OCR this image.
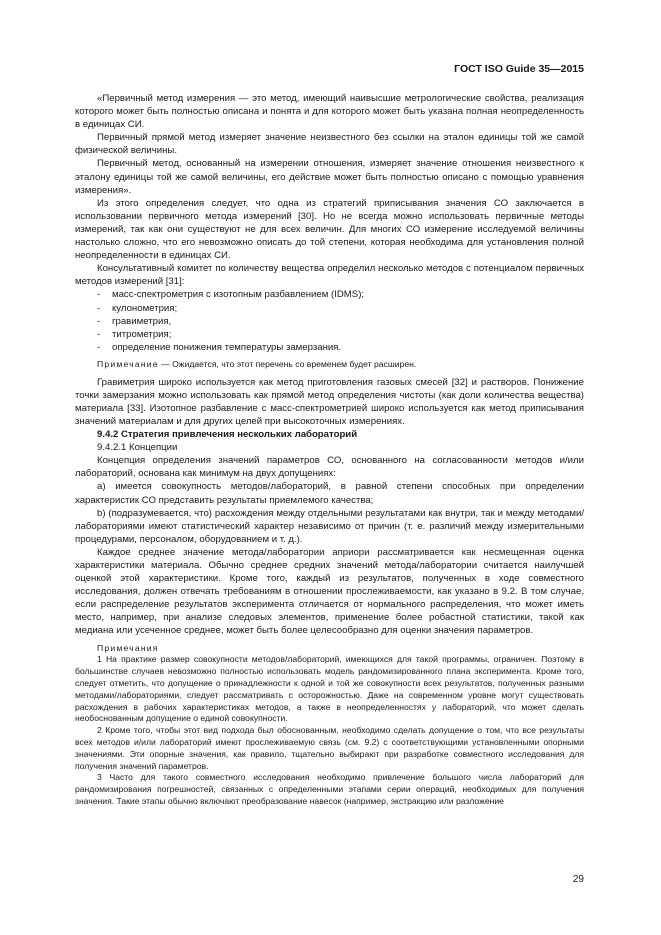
ГОСТ ISO Guide 35—2015

«Первичный метод измерения — это метод, имеющий наивысшие метрологические свойства, реализация которого может быть полностью описана и понята и для которого может быть указана полная неопределенность в единицах СИ.

Первичный прямой метод измеряет значение неизвестного без ссылки на эталон единицы той же самой физической величины.

Первичный метод, основанный на измерении отношения, измеряет значение отношения неизвестного к эталону единицы той же самой величины, его действие может быть полностью описано с помощью уравнения измерения».

Из этого определения следует, что одна из стратегий приписывания значения СО заключается в использовании первичного метода измерений [30]. Но не всегда можно использовать первичные методы измерений, так как они существуют не для всех величин. Для многих СО измерение исследуемой величины настолько сложно, что его невозможно описать до той степени, которая необходима для установления полной неопределенности в единицах СИ.

Консультативный комитет по количеству вещества определил несколько методов с потенциалом первичных методов измерений [31]:

-	масс-спектрометрия с изотопным разбавлением (IDMS);
-	кулонометрия;
-	гравиметрия,
-	титрометрия;
-	определение понижения температуры замерзания.

Примечание — Ожидается, что этот перечень со временем будет расширен.

Гравиметрия широко используется как метод приготовления газовых смесей [32] и растворов. Понижение точки замерзания можно использовать как прямой метод определения чистоты (как доли количества вещества) материала [33]. Изотопное разбавление с масс-спектрометрией широко используется как метод приписывания значений материалам и для других целей при высокоточных измерениях.

9.4.2 Стратегия привлечения нескольких лабораторий

9.4.2.1 Концепции

Концепция определения значений параметров СО, основанного на согласованности методов и/или лабораторий, основана как минимум на двух допущениях:

а) имеется совокупность методов/лабораторий, в равной степени способных при определении характеристик СО представить результаты приемлемого качества;

b) (подразумевается, что) расхождения между отдельными результатами как внутри, так и между методами/лабораториями имеют статистический характер независимо от причин (т. е. различий между измерительными процедурами, персоналом, оборудованием и т. д.).

Каждое среднее значение метода/лаборатории априори рассматривается как несмещенная оценка характеристики материала. Обычно среднее средних значений метода/лаборатории считается наилучшей оценкой этой характеристики. Кроме того, каждый из результатов, полученных в ходе совместного исследования, должен отвечать требованиям в отношении прослеживаемости, как указано в 9.2. В том случае, если распределение результатов эксперимента отличается от нормального распределения, что может иметь место, например, при анализе следовых элементов, применение более робастной статистики, такой как медиана или усеченное среднее, может быть более целесообразно для оценки значения параметров.

Примечания

1 На практике размер совокупности методов/лабораторий, имеющихся для такой программы, ограничен. Поэтому в большинстве случаев невозможно полностью использовать модель рандомизированного плана эксперимента. Кроме того, следует отметить, что допущение о принадлежности к одной и той же совокупности всех результатов, полученных разными методами/лабораториями, следует рассматривать с осторожностью. Даже на современном уровне могут существовать расхождения в рабочих характеристиках методов, а также в неопределенностях у лабораторий, что может сделать необоснованным допущение о единой совокупности.

2 Кроме того, чтобы этот вид подхода был обоснованным, необходимо сделать допущение о том, что все результаты всех методов и/или лабораторий имеют прослеживаемую связь (см. 9.2) с соответствующими установленными опорными значениями. Эти опорные значения, как правило, тщательно выбирают при разработке совместного исследования для получения значений параметров.

3 Часто для такого совместного исследования необходимо привлечение большого числа лабораторий для рандомизирования погрешностей, связанных с определенными этапами серии операций, необходимых для получения значения. Такие этапы обычно включают преобразование навесок (например, экстракцию или разложение

29
